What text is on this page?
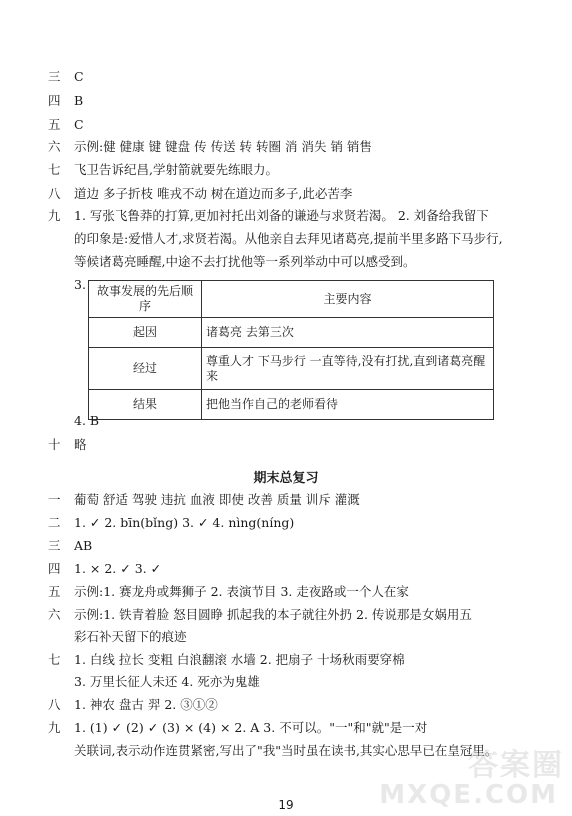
三 C
四 B
五 C
六 示例:健 健康 键 键盘 传 传送 转 转圈 消 消失 销 销售
七 飞卫告诉纪昌,学射箭就要先练眼力。
八 道边 多子折枝 唯戎不动 树在道边而多子,此必苦李
九 1. 写张飞鲁莽的打算,更加衬托出刘备的谦逊与求贤若渴。 2. 刘备给我留下
的印象是:爱惜人才,求贤若渴。从他亲自去拜见诸葛亮,提前半里多路下马步行,
等候诸葛亮睡醒,中途不去打扰他等一系列举动中可以感受到。
3. 故事发展的先后顺序	主要内容
起因	诸葛亮 去第三次
经过	尊重人才 下马步行 一直等待,没有打扰,直到诸葛亮醒来
结果	把他当作自己的老师看待
4. B
十 略
期末总复习
一 葡萄 舒适 驾驶 违抗 血液 即使 改善 质量 训斥 灌溉
二 1. ✓ 2. bīn(bǐng) 3. ✓ 4. nìng(níng)
三 AB
四 1. × 2. ✓ 3. ✓
五 示例:1. 赛龙舟或舞狮子 2. 表演节目 3. 走夜路或一个人在家
六 示例:1. 铁青着脸 怒目圆睁 抓起我的本子就往外扔 2. 传说那是女娲用五
彩石补天留下的痕迹
七 1. 白线 拉长 变粗 白浪翻滚 水墙 2. 把扇子 十场秋雨要穿棉
3. 万里长征人未还 4. 死亦为鬼雄
八 1. 神农 盘古 羿 2. ③①②
九 1. (1) ✓ (2) ✓ (3) × (4) × 2. A 3. 不可以。"一"和"就"是一对
关联词,表示动作连贯紧密,写出了"我"当时虽在读书,其实心思早已在皇冠里。
19
答案圈
MXQE.COM
